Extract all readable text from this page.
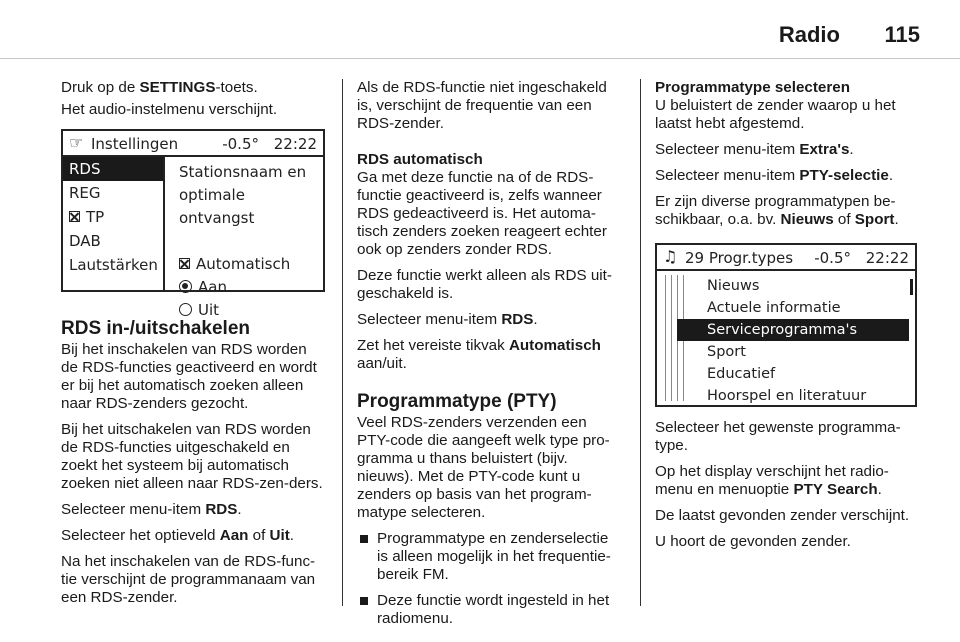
Radio 115

Druk op de SETTINGS-toets.

Het audio-instelmenu verschijnt.

☞ Instellingen	-0.5° 22:22
RDS
REG
TP
DAB
Lautstärken
Stationsnaam en
optimale ontvangst
Automatisch
Aan
Uit
RDS in-/uitschakelen

Bij het inschakelen van RDS worden de RDS-functies geactiveerd en wordt er bij het automatisch zoeken alleen naar RDS-zenders gezocht.

Bij het uitschakelen van RDS worden de RDS-functies uitgeschakeld en zoekt het systeem bij automatisch zoeken niet alleen naar RDS-zen-ders.

Selecteer menu-item RDS.

Selecteer het optieveld Aan of Uit.

Na het inschakelen van de RDS-func-tie verschijnt de programmanaam van een RDS-zender.

Als de RDS-functie niet ingeschakeld is, verschijnt de frequentie van een RDS-zender.

RDS automatisch

Ga met deze functie na of de RDS-functie geactiveerd is, zelfs wanneer RDS gedeactiveerd is. Het automa-tisch zenders zoeken reageert echter ook op zenders zonder RDS.

Deze functie werkt alleen als RDS uit-geschakeld is.

Selecteer menu-item RDS.

Zet het vereiste tikvak Automatisch aan/uit.

Programmatype (PTY)

Veel RDS-zenders verzenden een PTY-code die aangeeft welk type pro-gramma u thans beluistert (bijv. nieuws). Met de PTY-code kunt u zenders op basis van het program-matype selecteren.

Programmatype en zenderselectie is alleen mogelijk in het frequentie-bereik FM.
Deze functie wordt ingesteld in het radiomenu.
Programmatype selecteren

U beluistert de zender waarop u het laatst hebt afgestemd.

Selecteer menu-item Extra's.

Selecteer menu-item PTY-selectie.

Er zijn diverse programmatypen be-schikbaar, o.a. bv. Nieuws of Sport.

♫ 29 Progr.types -0.5° 22:22
Nieuws
Actuele informatie
Serviceprogramma's
Sport
Educatief
Hoorspel en literatuur

Selecteer het gewenste programma-type.

Op het display verschijnt het radio-menu en menuoptie PTY Search.

De laatst gevonden zender verschijnt.

U hoort de gevonden zender.
